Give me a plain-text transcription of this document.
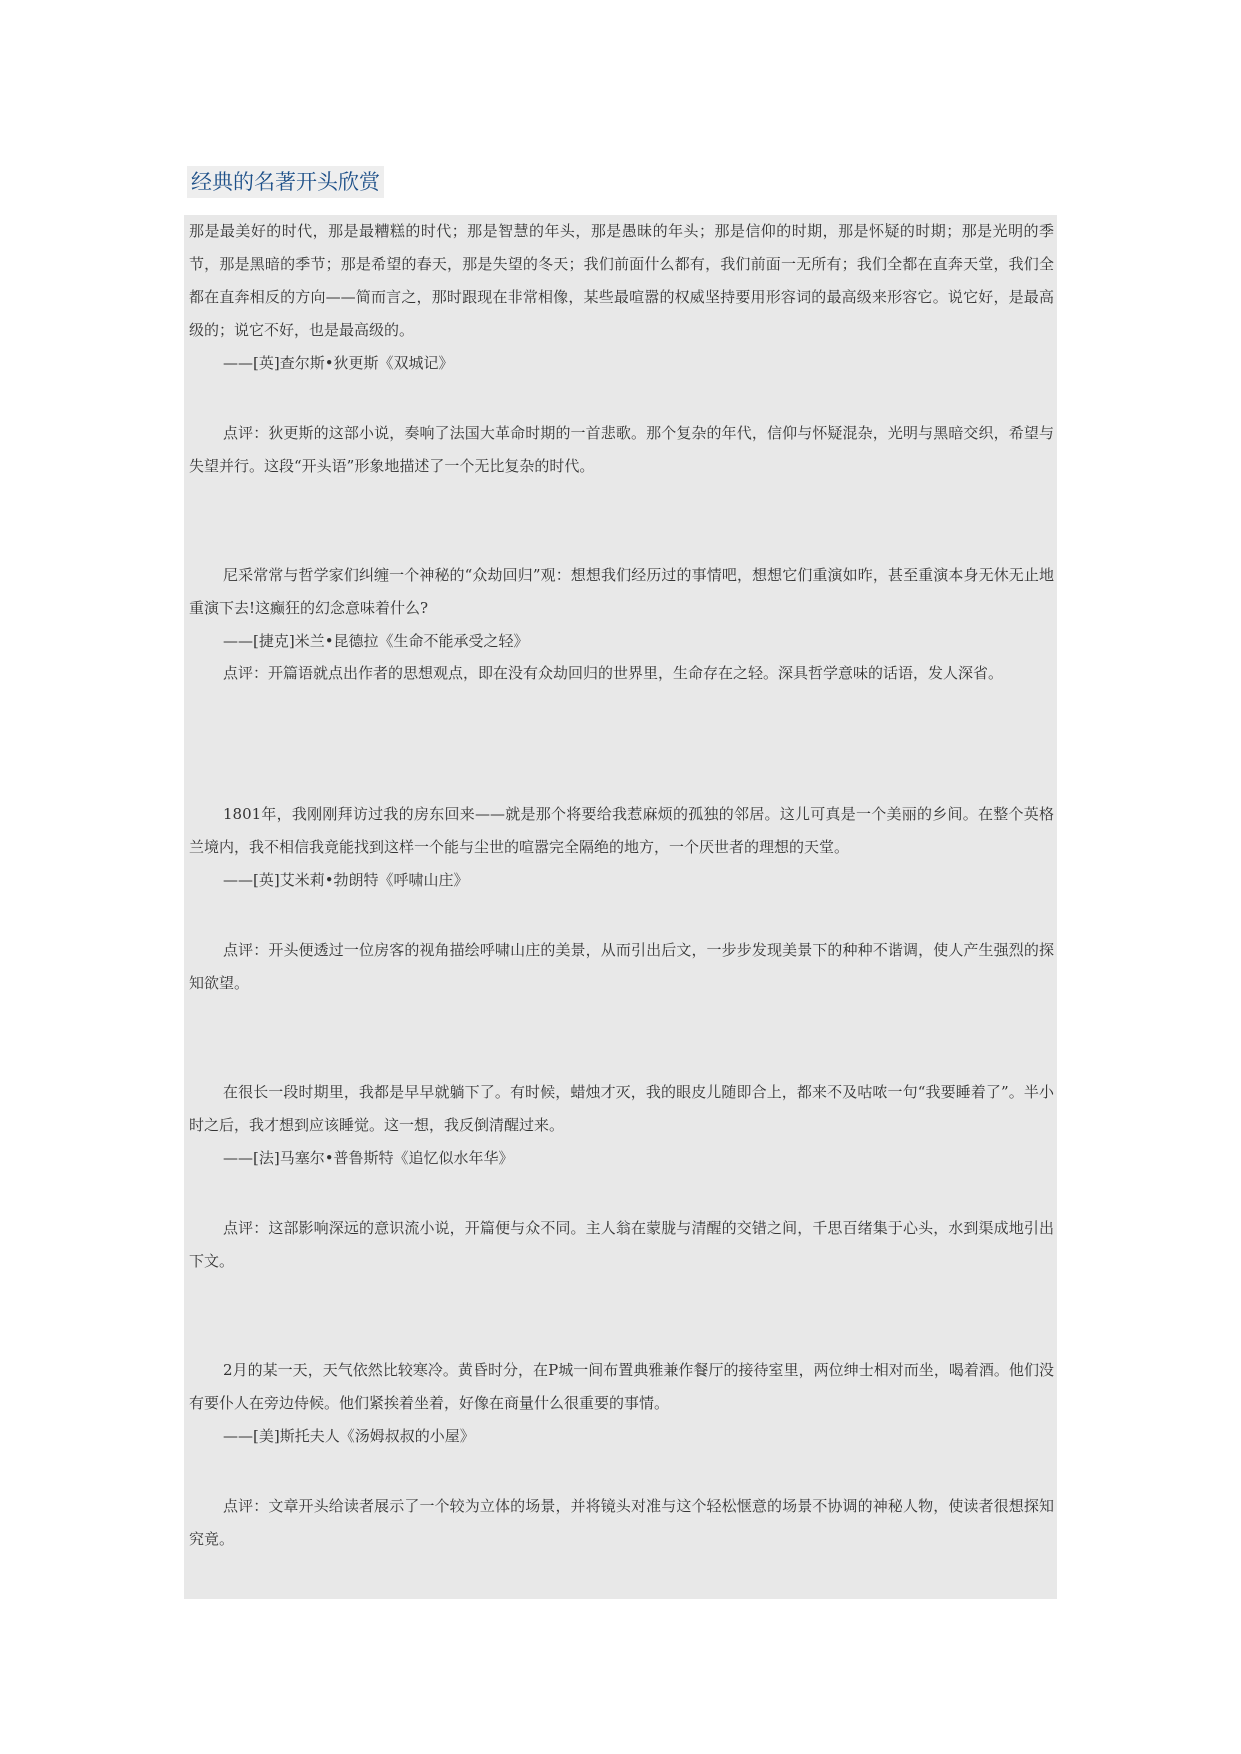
经典的名著开头欣赏

那是最美好的时代，那是最糟糕的时代；那是智慧的年头，那是愚昧的年头；那是信仰的时期，那是怀疑的时期；那是光明的季节，那是黑暗的季节；那是希望的春天，那是失望的冬天；我们前面什么都有，我们前面一无所有；我们全都在直奔天堂，我们全都在直奔相反的方向——简而言之，那时跟现在非常相像，某些最喧嚣的权威坚持要用形容词的最高级来形容它。说它好，是最高级的；说它不好，也是最高级的。

——[英]查尔斯•狄更斯《双城记》

点评：狄更斯的这部小说，奏响了法国大革命时期的一首悲歌。那个复杂的年代，信仰与怀疑混杂，光明与黑暗交织，希望与失望并行。这段“开头语”形象地描述了一个无比复杂的时代。

尼采常常与哲学家们纠缠一个神秘的“众劫回归”观：想想我们经历过的事情吧，想想它们重演如昨，甚至重演本身无休无止地重演下去!这癫狂的幻念意味着什么?

——[捷克]米兰•昆德拉《生命不能承受之轻》

点评：开篇语就点出作者的思想观点，即在没有众劫回归的世界里，生命存在之轻。深具哲学意味的话语，发人深省。

1801年，我刚刚拜访过我的房东回来——就是那个将要给我惹麻烦的孤独的邻居。这儿可真是一个美丽的乡间。在整个英格兰境内，我不相信我竟能找到这样一个能与尘世的喧嚣完全隔绝的地方，一个厌世者的理想的天堂。

——[英]艾米莉•勃朗特《呼啸山庄》

点评：开头便透过一位房客的视角描绘呼啸山庄的美景，从而引出后文，一步步发现美景下的种种不谐调，使人产生强烈的探知欲望。

在很长一段时期里，我都是早早就躺下了。有时候，蜡烛才灭，我的眼皮儿随即合上，都来不及咕哝一句“我要睡着了”。半小时之后，我才想到应该睡觉。这一想，我反倒清醒过来。

——[法]马塞尔•普鲁斯特《追忆似水年华》

点评：这部影响深远的意识流小说，开篇便与众不同。主人翁在蒙胧与清醒的交错之间，千思百绪集于心头，水到渠成地引出下文。

2月的某一天，天气依然比较寒冷。黄昏时分，在P城一间布置典雅兼作餐厅的接待室里，两位绅士相对而坐，喝着酒。他们没有要仆人在旁边侍候。他们紧挨着坐着，好像在商量什么很重要的事情。

——[美]斯托夫人《汤姆叔叔的小屋》

点评：文章开头给读者展示了一个较为立体的场景，并将镜头对准与这个轻松惬意的场景不协调的神秘人物，使读者很想探知究竟。
